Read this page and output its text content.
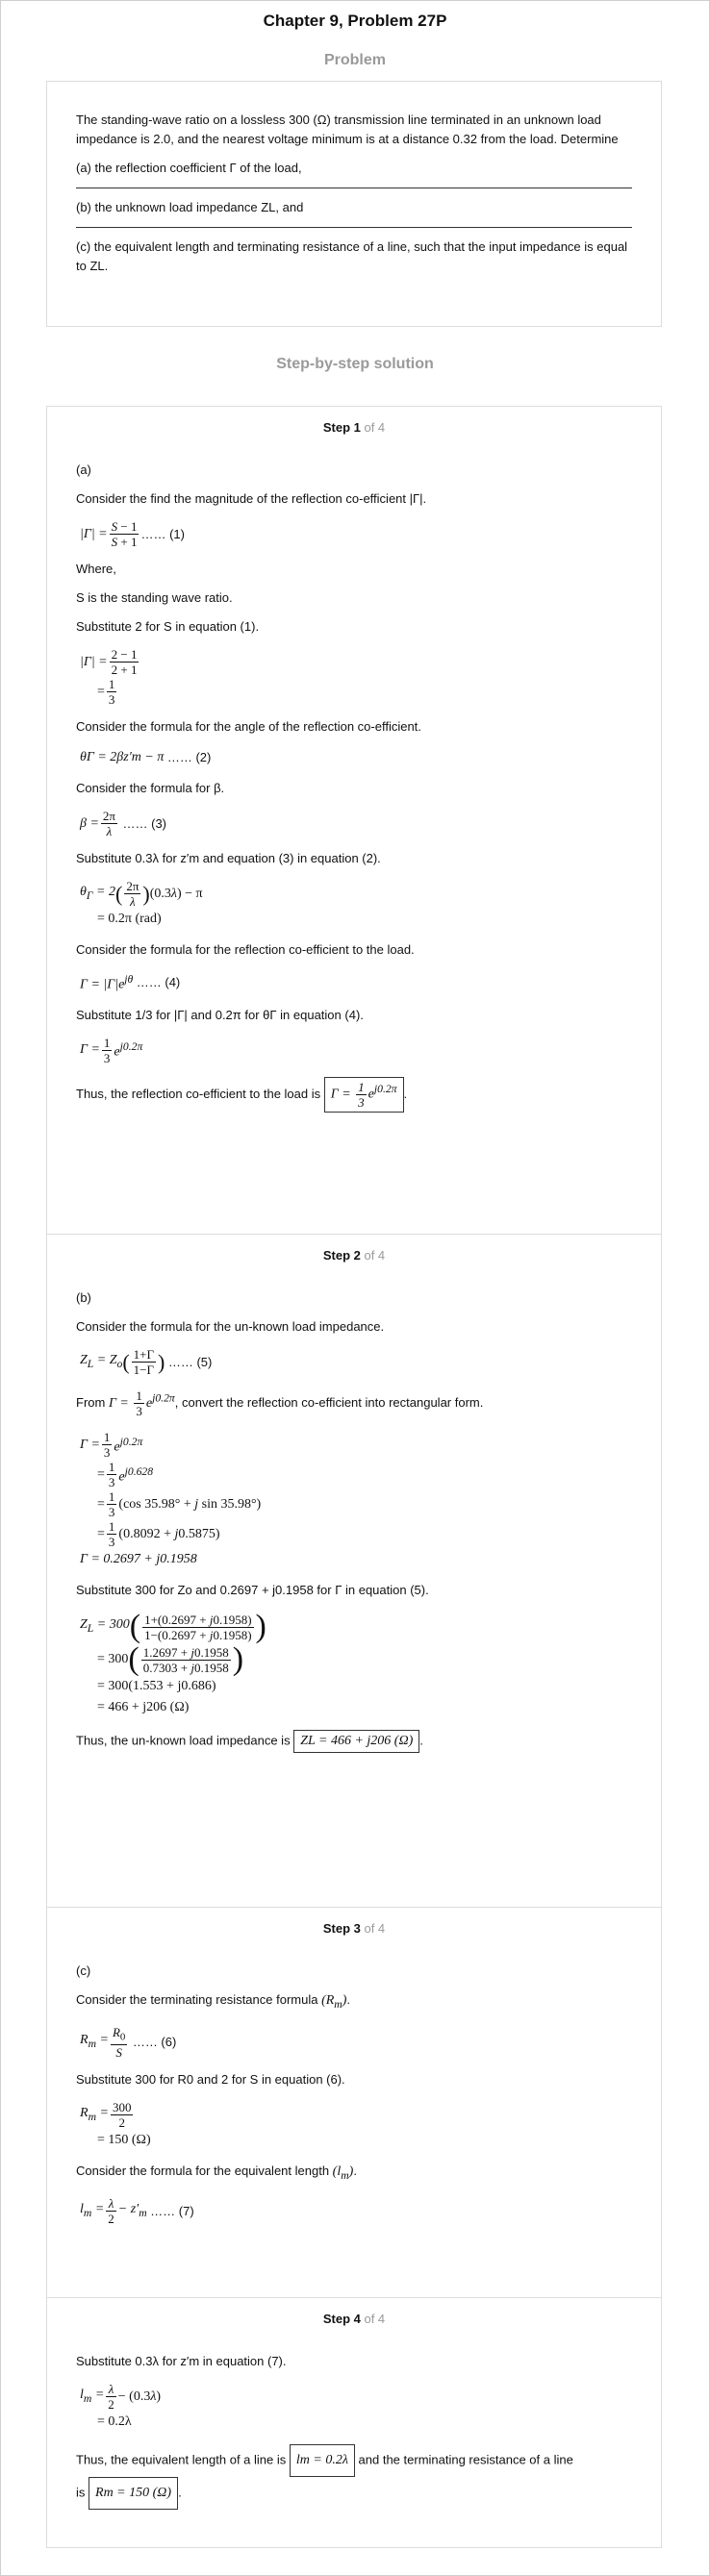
Chapter 9, Problem 27P
Problem

The standing-wave ratio on a lossless 300 (Ω) transmission line terminated in an unknown load impedance is 2.0, and the nearest voltage minimum is at a distance 0.32 from the load. Determine

(a) the reflection coefficient Γ of the load,

(b) the unknown load impedance ZL, and

(c) the equivalent length and terminating resistance of a line, such that the input impedance is equal to ZL.

Step-by-step solution
Step 1 of 4
(a)
Consider the find the magnitude of the reflection co-efficient |Γ|.
$|\Gamma| = \frac{S - 1}{S + 1}$ …… (1)
Where,
S is the standing wave ratio.
Substitute 2 for S in equation (1).
$|\Gamma| = \frac{2 - 1}{2 + 1}$
= $\frac{1}{3}$
Consider the formula for the angle of the reflection co-efficient.
θΓ = 2βz′m − π
…… (2)
Consider the formula for β.
$\beta = \frac{2\pi}{\lambda}$
…… (3)
Substitute 0.3λ for z′m and equation (3) in equation (2).
$\theta_\Gamma = 2$ ( $\frac{2\pi}{\lambda}$ ) (0.3λ) − π
= 0.2π (rad)
Consider the formula for the reflection co-efficient to the load.
$\Gamma = |\Gamma|e^{j\theta}$
…… (4)
Substitute 1/3 for |Γ| and 0.2π for θΓ in equation (4).
$\Gamma = \frac{1}{3} e^{j0.2\pi}$
Thus, the reflection co-efficient to the load is $\Gamma = \frac{1}{3} e^{j0.2\pi}$ .
Step 2 of 4
(b)
Consider the formula for the un-known load impedance.
$Z_L = Z_o$ ( $\frac{1+\Gamma}{1-\Gamma}$ )
…… (5)
From $\Gamma = \frac{1}{3} e^{j0.2\pi}$, convert the reflection co-efficient into rectangular form.
$\Gamma = \frac{1}{3} e^{j0.2\pi}$
= $\frac{1}{3} e^{j0.628}$
= $\frac{1}{3} (\cos$ 35.98° + j sin 35.98°)
= $\frac{1}{3} (0.8092 + j0.5875)$
Γ = 0.2697 + j0.1958
Substitute 300 for Zo and 0.2697 + j0.1958 for Γ in equation (5).
$Z_L = 300$ ( $\frac{1+(0.2697 + j0.1958)}{1-(0.2697 + j0.1958)}$ )
= 300 ( $\frac{1.2697 + j0.1958}{0.7303 + j0.1958}$ )
= 300(1.553 + j0.686)
= 466 + j206 (Ω)
Thus, the un-known load impedance is ZL = 466 + j206 (Ω) .
Step 3 of 4
(c)
Consider the terminating resistance formula $(R_m)$.
$R_m = \frac{R_0}{S}$
…… (6)
Substitute 300 for R0 and 2 for S in equation (6).
$R_m = \frac{300}{2}$
= 150 (Ω)
Consider the formula for the equivalent length $(l_m)$.
$l_m = \frac{\lambda}{2} - z'_m$
…… (7)
Step 4 of 4
Substitute 0.3λ for z′m in equation (7).
$l_m = \frac{\lambda}{2} - (0.3\lambda)$
= 0.2λ
Thus, the equivalent length of a line is lm = 0.2λ and the terminating resistance of a line
is Rm = 150 (Ω) .
